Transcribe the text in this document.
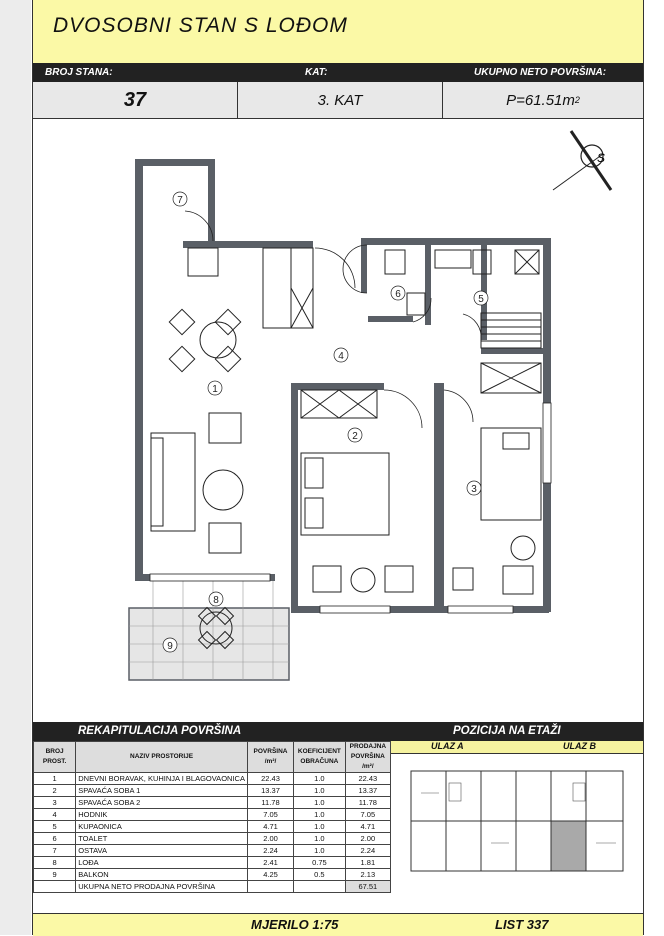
DVOSOBNI STAN S LOĐOM
BROJ STANA:	KAT:	UKUPNO NETO POVRŠINA:
37	3. KAT	P=61.51m 2
S
7
1
4
2
3
5
6
8
9
REKAPITULACIJA POVRŠINA	POZICIJA NA ETAŽI
BROJ PROST.	NAZIV PROSTORIJE	POVRŠINA /m²/	KOEFICIJENT OBRAČUNA	PRODAJNA POVRŠINA /m²/
1	DNEVNI BORAVAK, KUHINJA I BLAGOVAONICA	22.43	1.0	22.43
2	SPAVAĆA SOBA 1	13.37	1.0	13.37
3	SPAVAĆA SOBA 2	11.78	1.0	11.78
4	HODNIK	7.05	1.0	7.05
5	KUPAONICA	4.71	1.0	4.71
6	TOALET	2.00	1.0	2.00
7	OSTAVA	2.24	1.0	2.24
8	LOĐA	2.41	0.75	1.81
9	BALKON	4.25	0.5	2.13
	UKUPNA NETO PRODAJNA POVRŠINA			67.51
ULAZ A	ULAZ B
MJERILO 1:75	LIST 337
